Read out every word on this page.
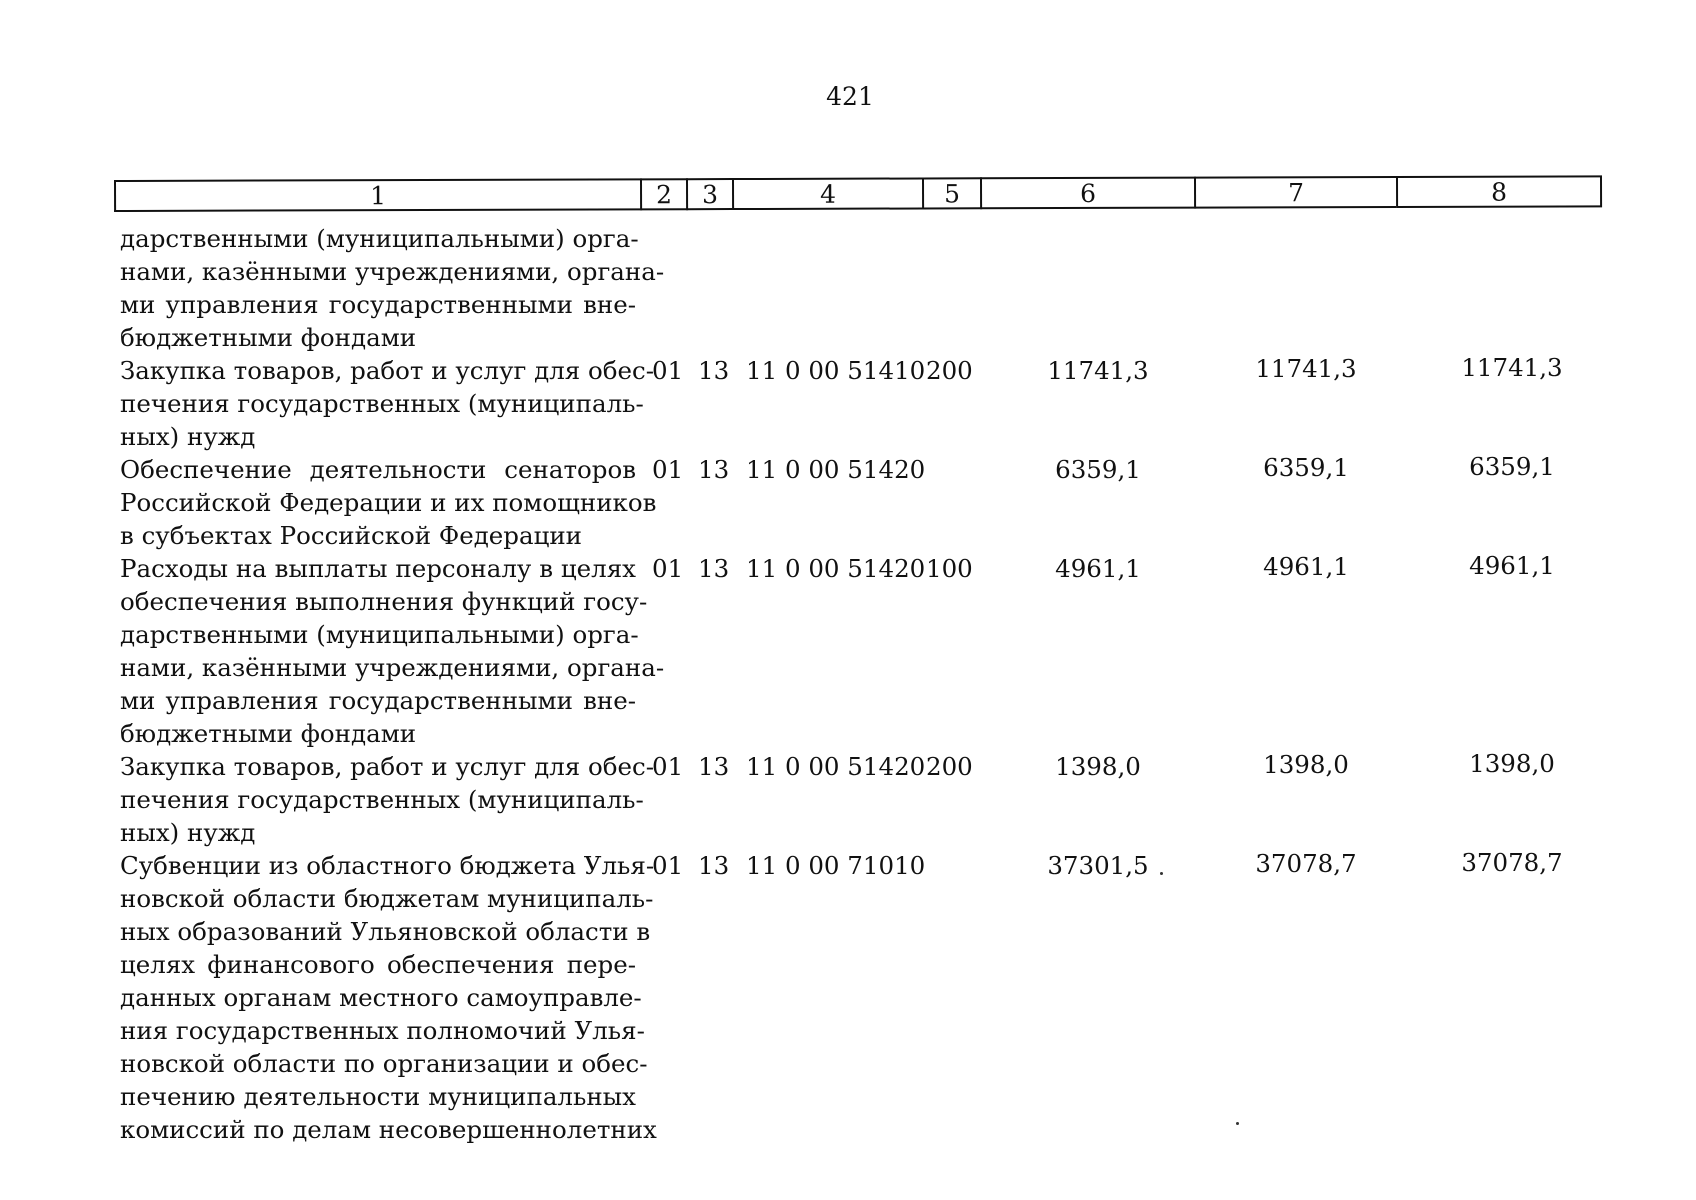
421
1	2	3	4	5	6	7	8
дарственными (муниципальными) орга-
нами, казёнными учреждениями, органа-
ми управления государственными вне-
бюджетными фондами
Закупка товаров, работ и услуг для обес-
печения государственных (муниципаль-
ных) нужд
01 13 11 0 00 51410 200	11741,3	11741,3	11741,3
Обеспечение деятельности сенаторов
Российской Федерации и их помощников
в субъектах Российской Федерации
01 13 11 0 00 51420	6359,1	6359,1	6359,1
Расходы на выплаты персоналу в целях
обеспечения выполнения функций госу-
дарственными (муниципальными) орга-
нами, казёнными учреждениями, органа-
ми управления государственными вне-
бюджетными фондами
01 13 11 0 00 51420 100	4961,1	4961,1	4961,1
Закупка товаров, работ и услуг для обес-
печения государственных (муниципаль-
ных) нужд
01 13 11 0 00 51420 200	1398,0	1398,0	1398,0
Субвенции из областного бюджета Улья-
новской области бюджетам муниципаль-
ных образований Ульяновской области в
целях финансового обеспечения пере-
данных органам местного самоуправле-
ния государственных полномочий Улья-
новской области по организации и обес-
печению деятельности муниципальных
комиссий по делам несовершеннолетних
01 13 11 0 00 71010	37301,5	37078,7	37078,7
